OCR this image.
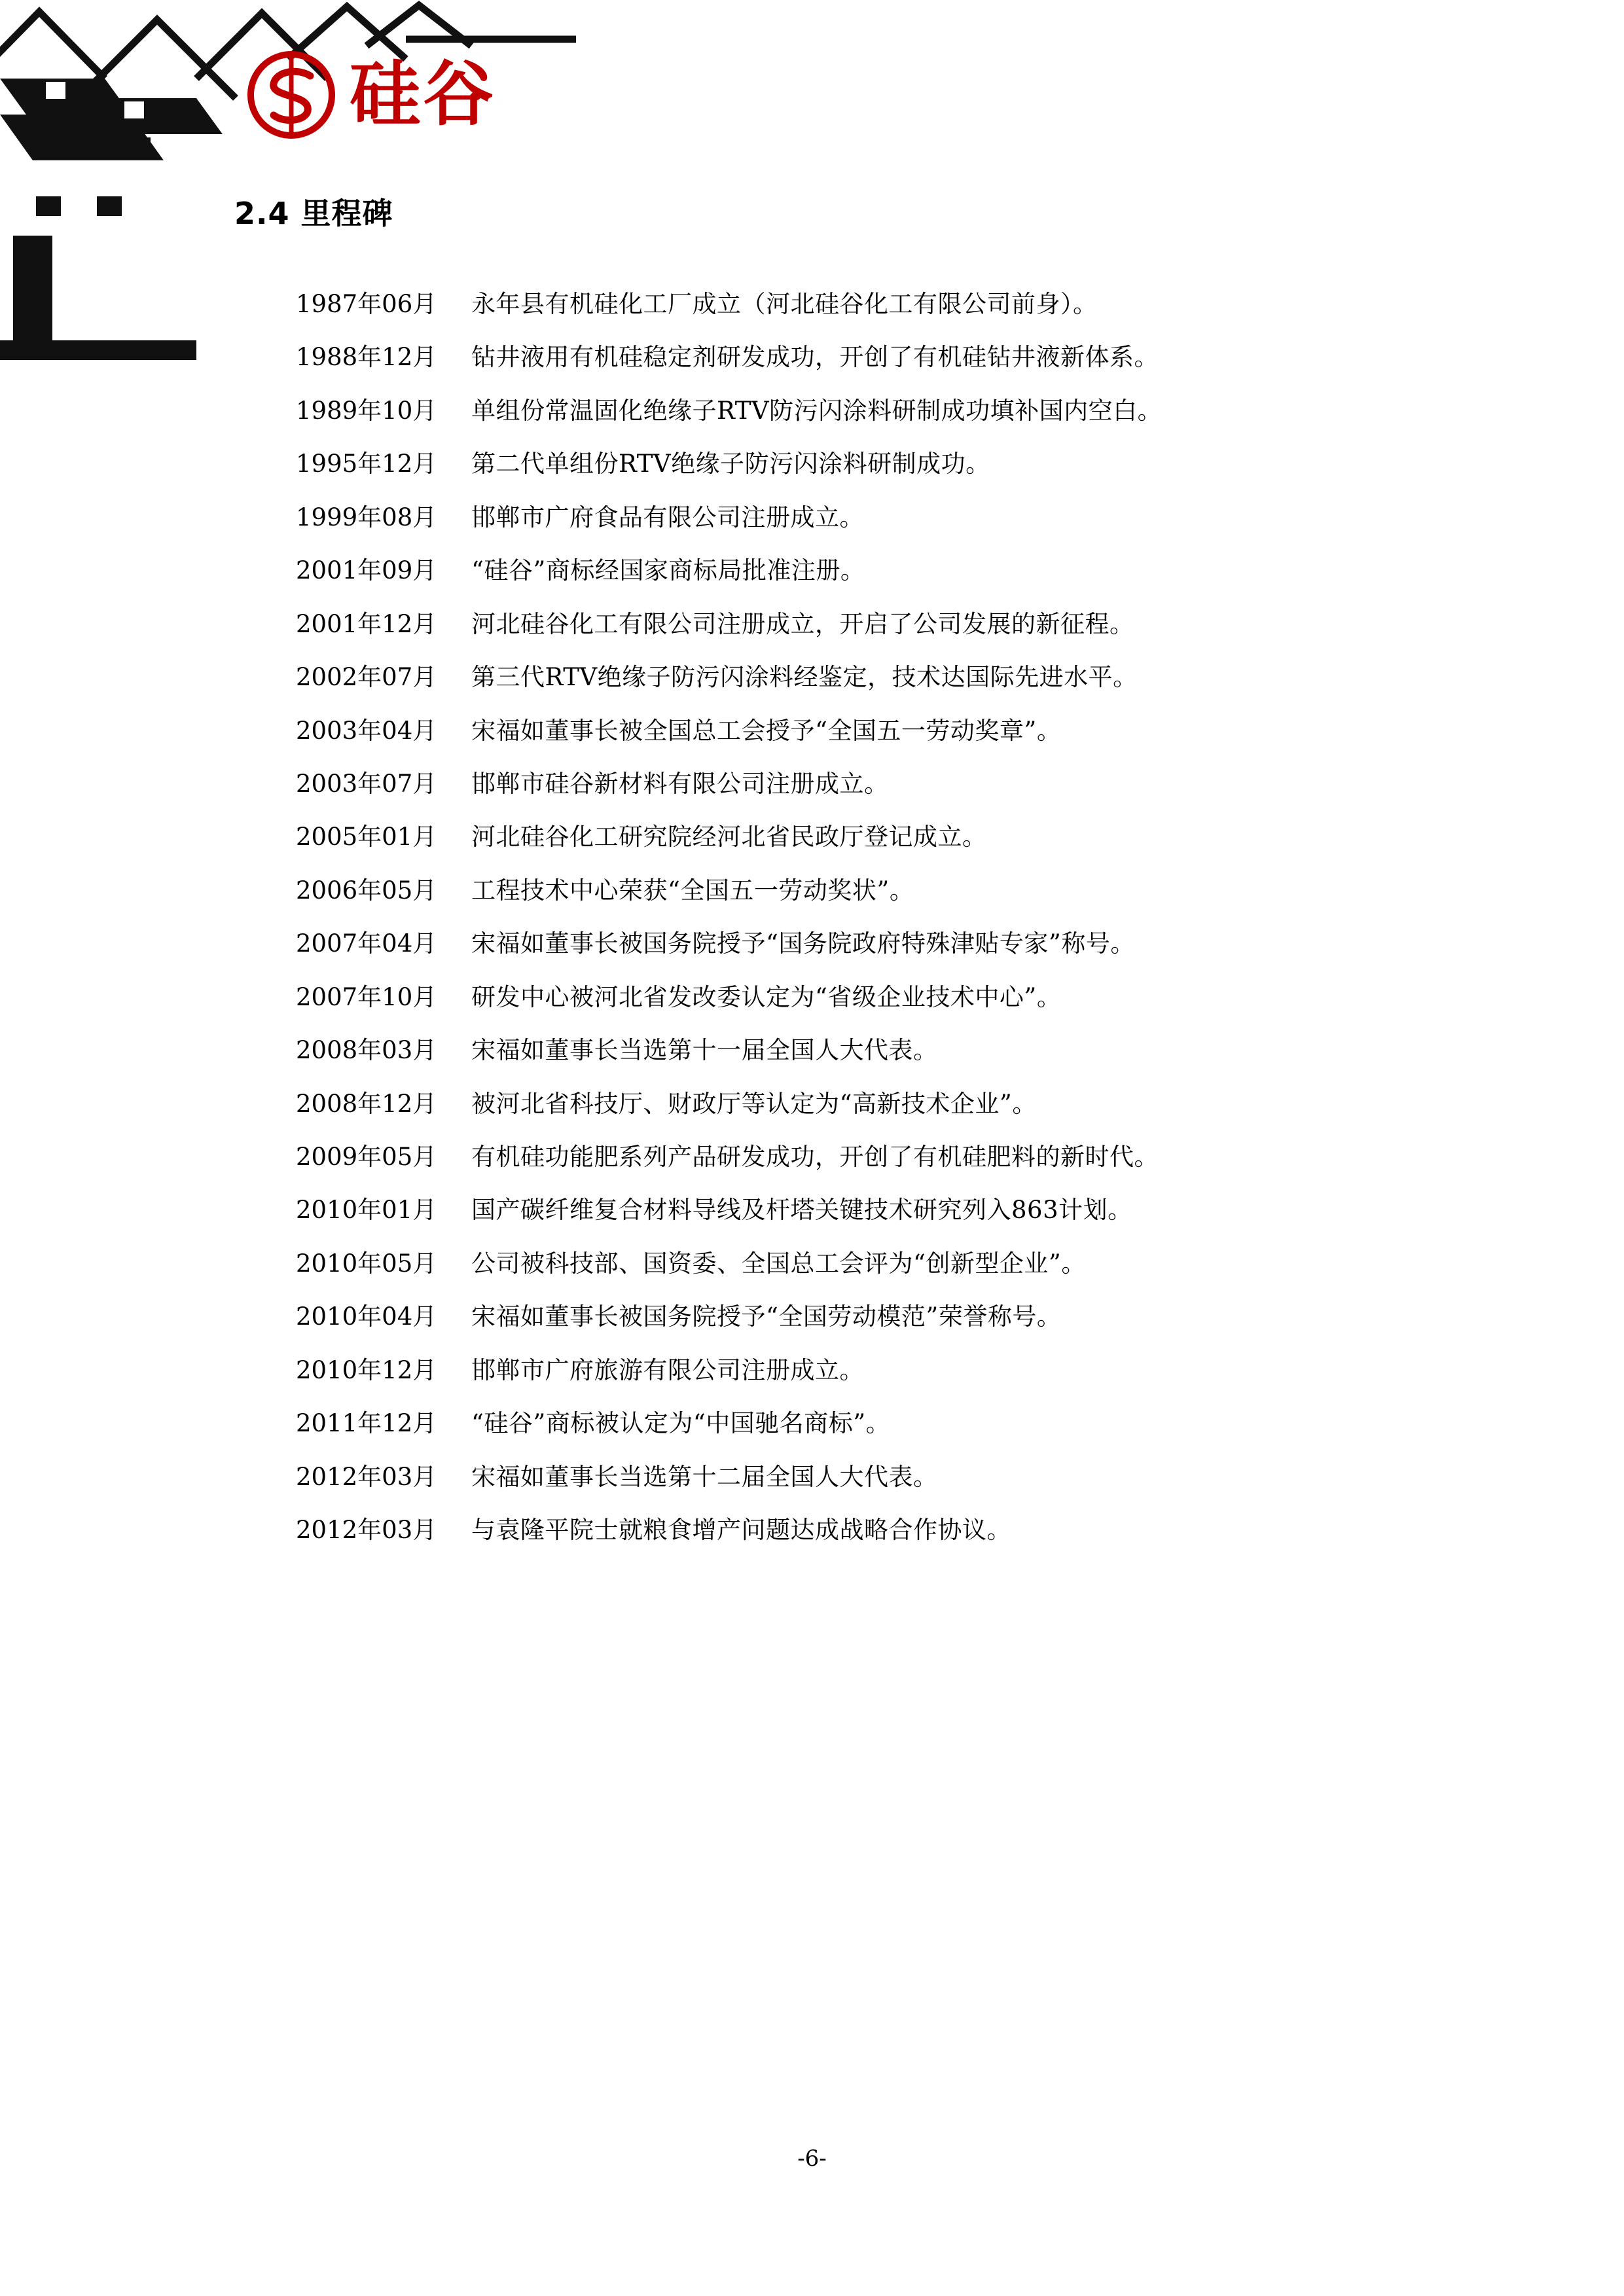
硅谷
2.4 里程碑
1987年06月	永年县有机硅化工厂成立（河北硅谷化工有限公司前身）。
1988年12月	钻井液用有机硅稳定剂研发成功，开创了有机硅钻井液新体系。
1989年10月	单组份常温固化绝缘子RTV防污闪涂料研制成功填补国内空白。
1995年12月	第二代单组份RTV绝缘子防污闪涂料研制成功。
1999年08月	邯郸市广府食品有限公司注册成立。
2001年09月	“硅谷”商标经国家商标局批准注册。
2001年12月	河北硅谷化工有限公司注册成立，开启了公司发展的新征程。
2002年07月	第三代RTV绝缘子防污闪涂料经鉴定，技术达国际先进水平。
2003年04月	宋福如董事长被全国总工会授予“全国五一劳动奖章”。
2003年07月	邯郸市硅谷新材料有限公司注册成立。
2005年01月	河北硅谷化工研究院经河北省民政厅登记成立。
2006年05月	工程技术中心荣获“全国五一劳动奖状”。
2007年04月	宋福如董事长被国务院授予“国务院政府特殊津贴专家”称号。
2007年10月	研发中心被河北省发改委认定为“省级企业技术中心”。
2008年03月	宋福如董事长当选第十一届全国人大代表。
2008年12月	被河北省科技厅、财政厅等认定为“高新技术企业”。
2009年05月	有机硅功能肥系列产品研发成功，开创了有机硅肥料的新时代。
2010年01月	国产碳纤维复合材料导线及杆塔关键技术研究列入863计划。
2010年05月	公司被科技部、国资委、全国总工会评为“创新型企业”。
2010年04月	宋福如董事长被国务院授予“全国劳动模范”荣誉称号。
2010年12月	邯郸市广府旅游有限公司注册成立。
2011年12月	“硅谷”商标被认定为“中国驰名商标”。
2012年03月	宋福如董事长当选第十二届全国人大代表。
2012年03月	与袁隆平院士就粮食增产问题达成战略合作协议。
-6-
